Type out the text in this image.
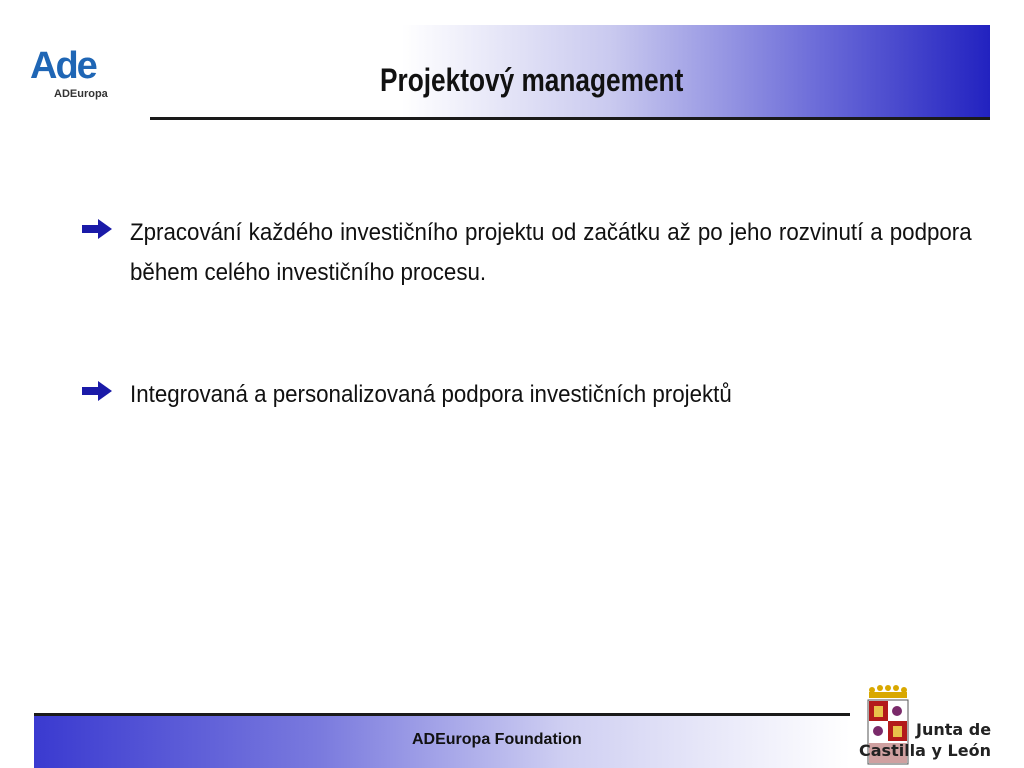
Ade
ADEuropa	Projektový management
Zpracování každého investičního projektu od začátku až po jeho rozvinutí a podpora během celého investičního procesu.
Integrovaná a personalizovaná podpora investičních projektů
ADEuropa Foundation
Junta de
Castilla y León
